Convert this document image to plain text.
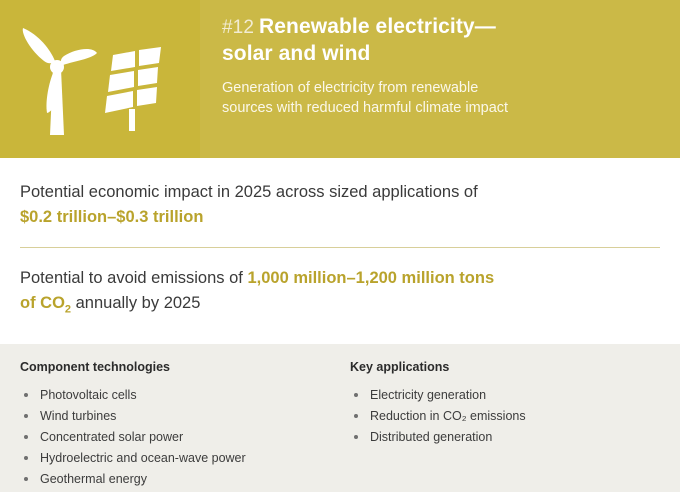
#12 Renewable electricity—
solar and wind
Generation of electricity from renewable
sources with reduced harmful climate impact
Potential economic impact in 2025 across sized applications of
$0.2 trillion–$0.3 trillion
Potential to avoid emissions of 1,000 million–1,200 million tons
of $CO_2$ annually by 2025
Component technologies
Photovoltaic cells
Wind turbines
Concentrated solar power
Hydroelectric and ocean-wave power
Geothermal energy
Key applications
Electricity generation
Reduction in CO₂ emissions
Distributed generation
